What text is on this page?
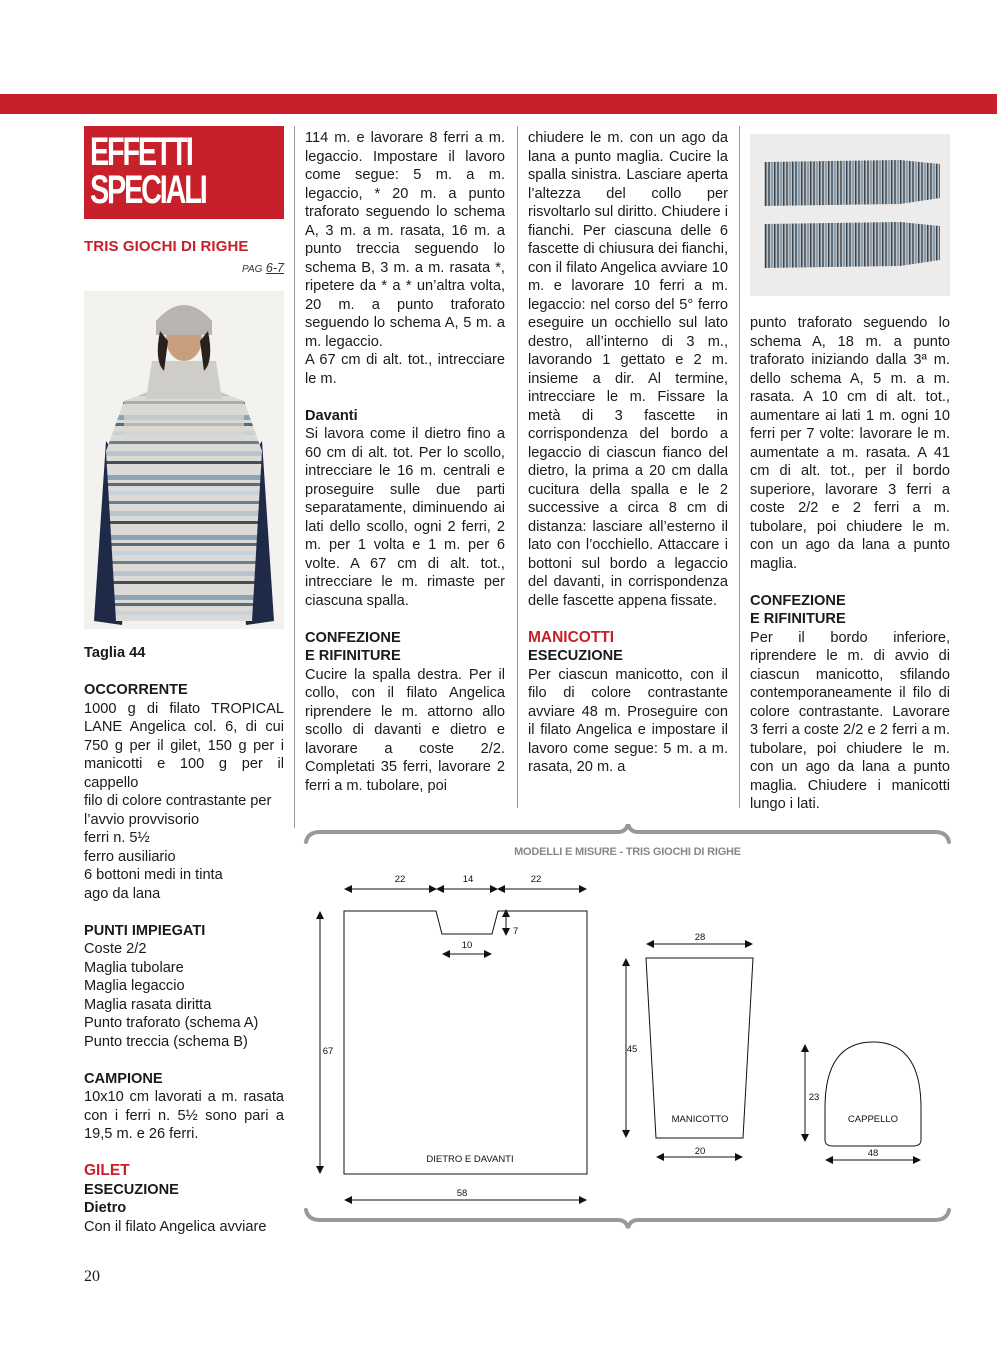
EFFETTI
SPECIALI
TRIS GIOCHI DI RIGHE
PAG 6-7

Taglia 44

OCCORRENTE

1000 g di filato TROPICAL LANE Angelica col. 6, di cui 750 g per il gilet, 150 g per i manicotti e 100 g per il cappello

filo di colore contrastante per l’avvio provvisorio

ferri n. 5½

ferro ausiliario

6 bottoni medi in tinta

ago da lana

PUNTI IMPIEGATI

Coste 2/2

Maglia tubolare

Maglia legaccio

Maglia rasata diritta

Punto traforato (schema A)

Punto treccia (schema B)

CAMPIONE

10x10 cm lavorati a m. rasata con i ferri n. 5½ sono pari a 19,5 m. e 26 ferri.

GILET

ESECUZIONE

Dietro

Con il filato Angelica avviare

114 m. e lavorare 8 ferri a m. legaccio. Impostare il lavoro come segue: 5 m. a m. legaccio, * 20 m. a punto traforato seguendo lo schema A, 3 m. a m. rasata, 16 m. a punto treccia seguendo lo schema B, 3 m. a m. rasata *, ripetere da * a * un’altra volta, 20 m. a punto traforato seguendo lo schema A, 5 m. a m. legaccio.

A 67 cm di alt. tot., intrecciare le m.

Davanti

Si lavora come il dietro fino a 60 cm di alt. tot. Per lo scollo, intrecciare le 16 m. centrali e proseguire sulle due parti separatamente, diminuendo ai lati dello scollo, ogni 2 ferri, 2 m. per 1 volta e 1 m. per 6 volte. A 67 cm di alt. tot., intrecciare le m. rimaste per ciascuna spalla.

CONFEZIONE

E RIFINITURE

Cucire la spalla destra. Per il collo, con il filato Angelica riprendere le m. attorno allo scollo di davanti e dietro e lavorare a coste 2/2. Completati 35 ferri, lavorare 2 ferri a m. tubolare, poi

chiudere le m. con un ago da lana a punto maglia. Cucire la spalla sinistra. Lasciare aperta l’altezza del collo per risvoltarlo sul diritto. Chiudere i fianchi. Per ciascuna delle 6 fascette di chiusura dei fianchi, con il filato Angelica avviare 10 m. e lavorare 10 ferri a m. legaccio: nel corso del 5° ferro eseguire un occhiello sul lato destro, all’interno di 3 m., lavorando 1 gettato e 2 m. insieme a dir. Al termine, intrecciare le m. Fissare la metà di 3 fascette in corrispondenza del bordo a legaccio di ciascun fianco del dietro, la prima a 20 cm dalla cucitura della spalla e le 2 successive a circa 8 cm di distanza: lasciare all’esterno il lato con l’occhiello. Attaccare i bottoni sul bordo a legaccio del davanti, in corrispondenza delle fascette appena fissate.

MANICOTTI

ESECUZIONE

Per ciascun manicotto, con il filo di colore contrastante avviare 48 m. Proseguire con il filato Angelica e impostare il lavoro come segue: 5 m. a m. rasata, 20 m. a

punto traforato seguendo lo schema A, 18 m. a punto traforato iniziando dalla 3ª m. dello schema A, 5 m. a m. rasata. A 10 cm di alt. tot., aumentare ai lati 1 m. ogni 10 ferri per 7 volte: lavorare le m. aumentate a m. rasata. A 41 cm di alt. tot., per il bordo superiore, lavorare 3 ferri a coste 2/2 e 2 ferri a m. tubolare, poi chiudere le m. con un ago da lana a punto maglia.

CONFEZIONE

E RIFINITURE

Per il bordo inferiore, riprendere le m. di avvio di ciascun manicotto, sfilando contemporaneamente il filo di colore contrastante. Lavorare 3 ferri a coste 2/2 e 2 ferri a m. tubolare, poi chiudere le m. con un ago da lana a punto maglia. Chiudere i manicotti lungo i lati.

22	14	22
7
10
67
DIETRO E DAVANTI
58
28
45
MANICOTTO
20
23
CAPPELLO
48
MODELLI E MISURE - TRIS GIOCHI DI RIGHE
20
